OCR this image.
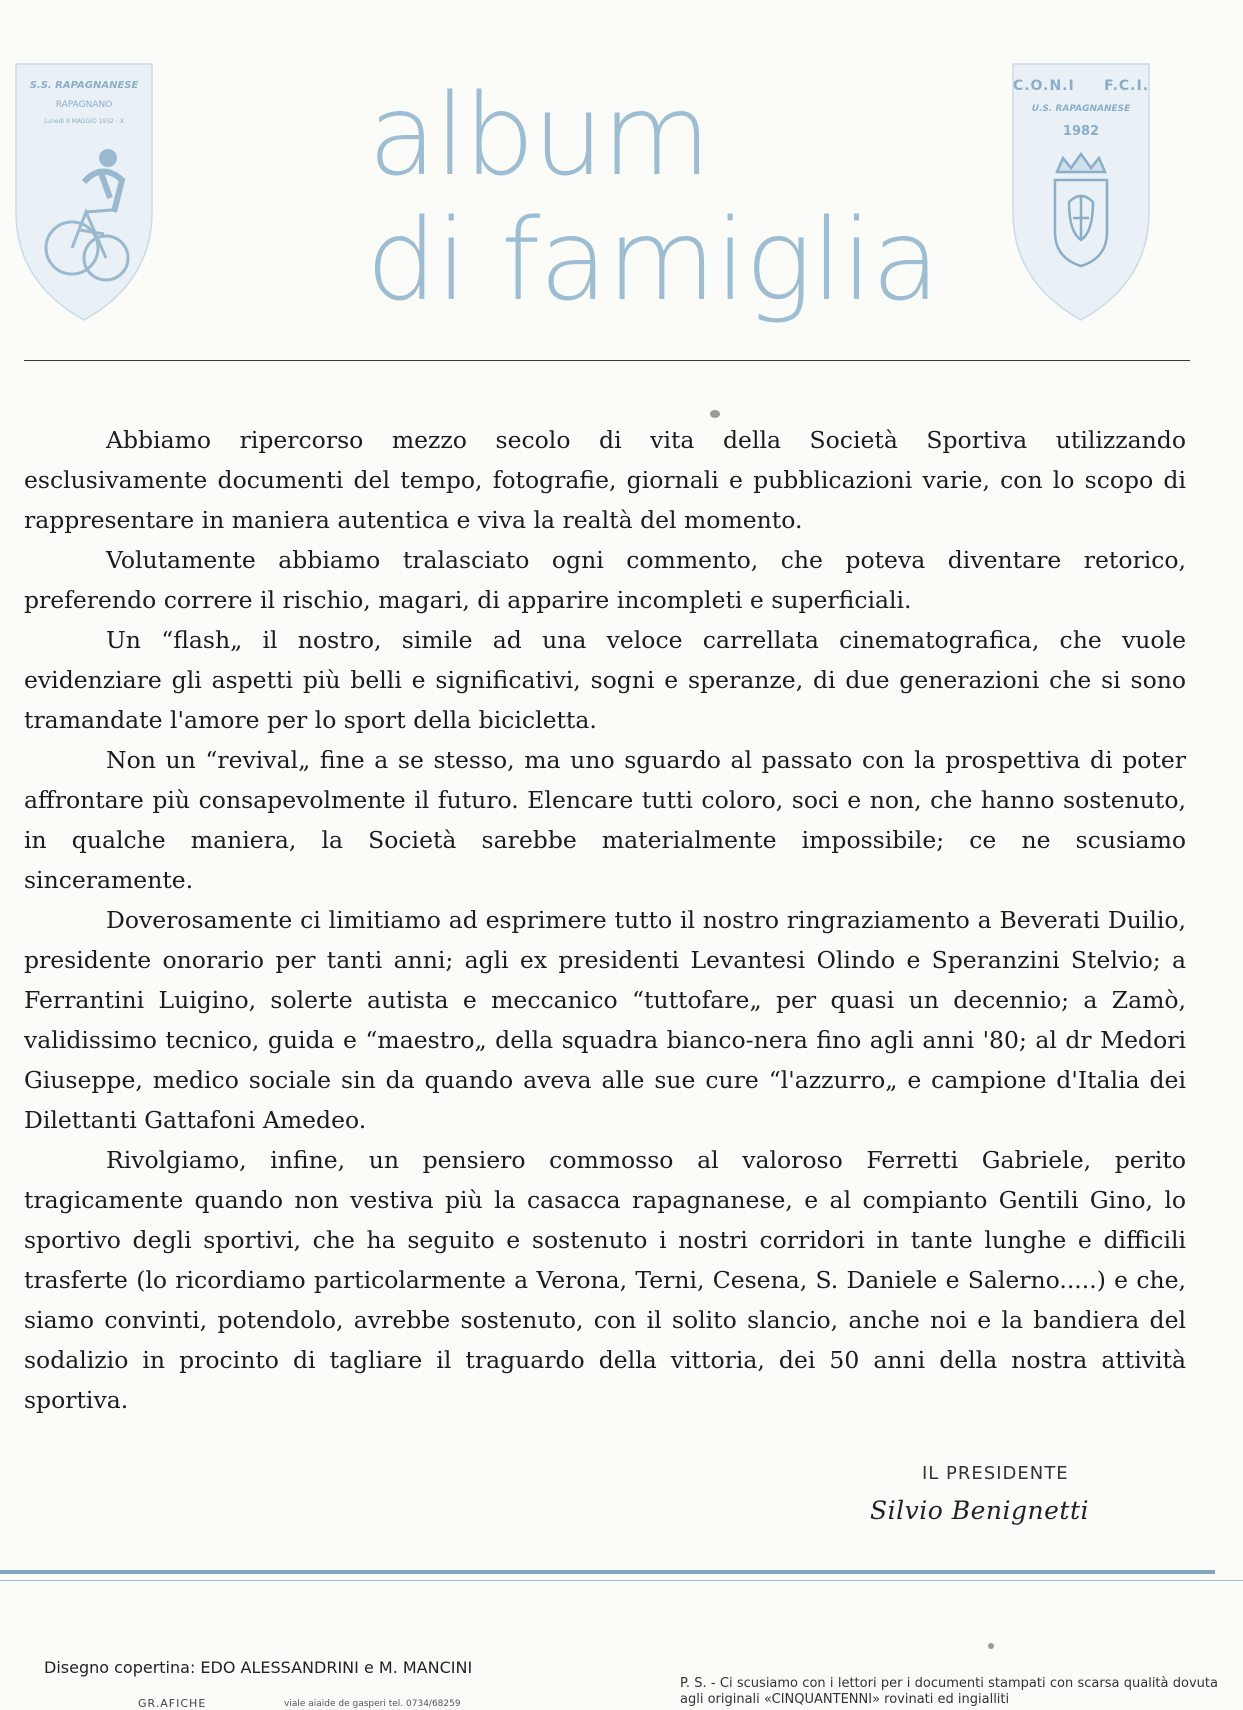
S.S. RAPAGNANESE
RAPAGNANO
Lunedì 9 MAGGIO 1932 - X
C.O.N.I     F.C.I.
U.S. RAPAGNANESE
1982
album
di famiglia

Abbiamo ripercorso mezzo secolo di vita della Società Sportiva utilizzando esclusivamente documenti del tempo, fotografie, giornali e pubblicazioni varie, con lo scopo di rappresentare in maniera autentica e viva la realtà del momento.

Volutamente abbiamo tralasciato ogni commento, che poteva diventare retorico, preferendo correre il rischio, magari, di apparire incompleti e superficiali.

Un “flash„ il nostro, simile ad una veloce carrellata cinematografica, che vuole evidenziare gli aspetti più belli e significativi, sogni e speranze, di due generazioni che si sono tramandate l'amore per lo sport della bicicletta.

Non un “revival„ fine a se stesso, ma uno sguardo al passato con la prospettiva di poter affrontare più consapevolmente il futuro. Elencare tutti coloro, soci e non, che hanno sostenuto, in qualche maniera, la Società sarebbe materialmente impossibile; ce ne scusiamo sinceramente.

Doverosamente ci limitiamo ad esprimere tutto il nostro ringraziamento a Beverati Duilio, presidente onorario per tanti anni; agli ex presidenti Levantesi Olindo e Speranzini Stelvio; a Ferrantini Luigino, solerte autista e meccanico “tuttofare„ per quasi un decennio; a Zamò, validissimo tecnico, guida e “maestro„ della squadra bianco-nera fino agli anni '80; al dr Medori Giuseppe, medico sociale sin da quando aveva alle sue cure “l'azzurro„ e campione d'Italia dei Dilettanti Gattafoni Amedeo.

Rivolgiamo, infine, un pensiero commosso al valoroso Ferretti Gabriele, perito tragicamente quando non vestiva più la casacca rapagnanese, e al compianto Gentili Gino, lo sportivo degli sportivi, che ha seguito e sostenuto i nostri corridori in tante lunghe e difficili trasferte (lo ricordiamo particolarmente a Verona, Terni, Cesena, S. Daniele e Salerno.....) e che, siamo convinti, potendolo, avrebbe sostenuto, con il solito slancio, anche noi e la bandiera del sodalizio in procinto di tagliare il traguardo della vittoria, dei 50 anni della nostra attività sportiva.

IL PRESIDENTE
Silvio Benignetti
Disegno copertina: EDO ALESSANDRINI e M. MANCINI
GR.AFICHE	viale aiaide de gasperi tel. 0734/68259
P. S. - Ci scusiamo con i lettori per i documenti stampati con scarsa qualità dovuta agli originali «CINQUANTENNI» rovinati ed ingialliti
